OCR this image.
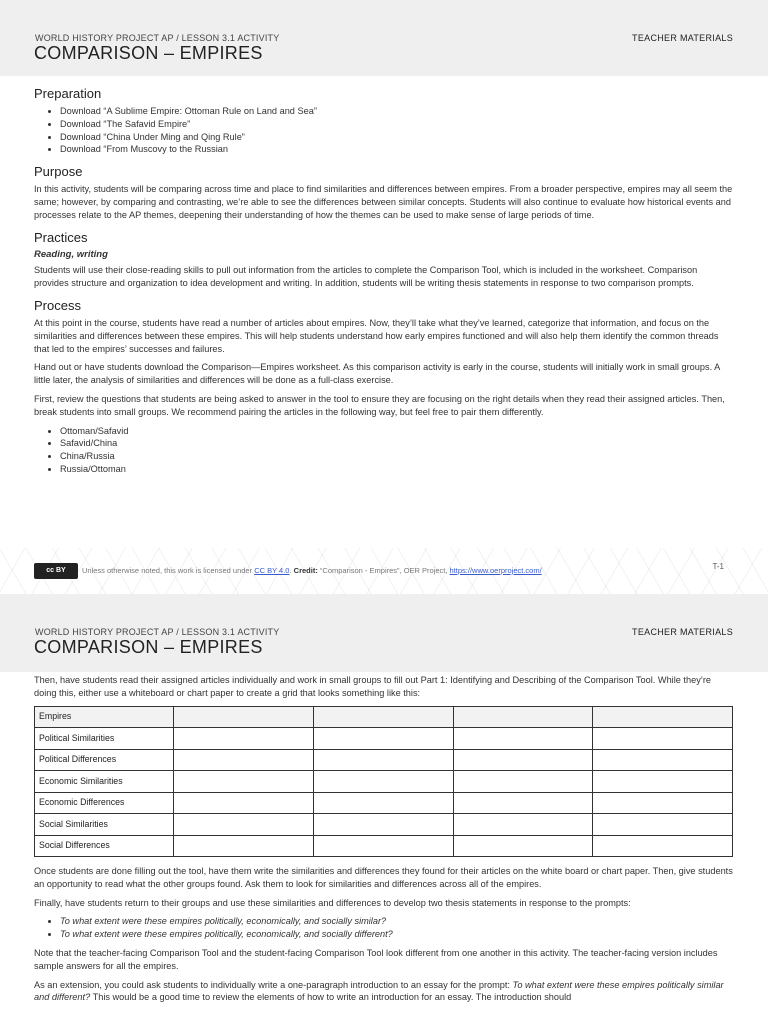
WORLD HISTORY PROJECT AP / LESSON 3.1 ACTIVITY	TEACHER MATERIALS
COMPARISON – EMPIRES
Preparation
• Download “A Sublime Empire: Ottoman Rule on Land and Sea”
• Download “The Safavid Empire”
• Download “China Under Ming and Qing Rule”
• Download “From Muscovy to the Russian
Purpose

In this activity, students will be comparing across time and place to find similarities and differences between empires. From a broader perspective, empires may all seem the same; however, by comparing and contrasting, we’re able to see the differences between similar concepts. Students will also continue to evaluate how historical events and processes relate to the AP themes, deepening their understanding of how the themes can be used to make sense of large periods of time.

Practices
Reading, writing

Students will use their close-reading skills to pull out information from the articles to complete the Comparison Tool, which is included in the worksheet. Comparison provides structure and organization to idea development and writing. In addition, students will be writing thesis statements in response to two comparison prompts.

Process

At this point in the course, students have read a number of articles about empires. Now, they’ll take what they’ve learned, categorize that information, and focus on the similarities and differences between these empires. This will help students understand how early empires functioned and will also help them identify the common threads that led to the empires’ successes and failures.

Hand out or have students download the Comparison—Empires worksheet. As this comparison activity is early in the course, students will initially work in small groups. A little later, the analysis of similarities and differences will be done as a full-class exercise.

First, review the questions that students are being asked to answer in the tool to ensure they are focusing on the right details when they read their assigned articles. Then, break students into small groups. We recommend pairing the articles in the following way, but feel free to pair them differently.

• Ottoman/Safavid
• Safavid/China
• China/Russia
• Russia/Ottoman
cc BY	Unless otherwise noted, this work is licensed under CC BY 4.0. Credit: “Comparison - Empires”, OER Project, https://www.oerproject.com/	T-1
WORLD HISTORY PROJECT AP / LESSON 3.1 ACTIVITY	TEACHER MATERIALS
COMPARISON – EMPIRES

Then, have students read their assigned articles individually and work in small groups to fill out Part 1: Identifying and Describing of the Comparison Tool. While they’re doing this, either use a whiteboard or chart paper to create a grid that looks something like this:

Empires				
Political Similarities				
Political Differences				
Economic Similarities				
Economic Differences				
Social Similarities				
Social Differences				

Once students are done filling out the tool, have them write the similarities and differences they found for their articles on the white board or chart paper. Then, give students an opportunity to read what the other groups found. Ask them to look for similarities and differences across all of the empires.

Finally, have students return to their groups and use these similarities and differences to develop two thesis statements in response to the prompts:

• To what extent were these empires politically, economically, and socially similar?
• To what extent were these empires politically, economically, and socially different?

Note that the teacher-facing Comparison Tool and the student-facing Comparison Tool look different from one another in this activity. The teacher-facing version includes sample answers for all the empires.

As an extension, you could ask students to individually write a one-paragraph introduction to an essay for the prompt: To what extent were these empires politically similar and different? This would be a good time to review the elements of how to write an introduction for an essay. The introduction should
